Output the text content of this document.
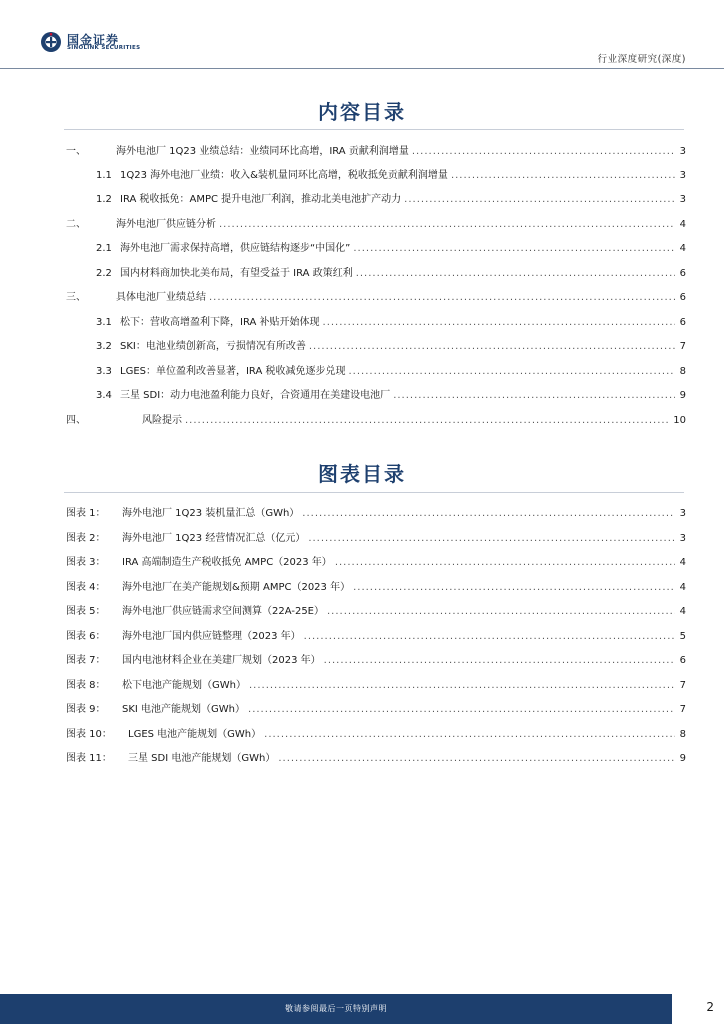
国金证券
SINOLINK SECURITIES
行业深度研究(深度)
内容目录
一、	海外电池厂 1Q23 业绩总结：业绩同环比高增，IRA 贡献利润增量 .....	3
1.1 1Q23 海外电池厂业绩：收入&装机量同环比高增，税收抵免贡献利润增量 .....	3
1.2 IRA 税收抵免：AMPC 提升电池厂利润，推动北美电池扩产动力 .....	3
二、	海外电池厂供应链分析 .....	4
2.1 海外电池厂需求保持高增，供应链结构逐步“中国化” .....	4
2.2 国内材料商加快北美布局，有望受益于 IRA 政策红利 .....	6
三、	具体电池厂业绩总结 .....	6
3.1 松下：营收高增盈利下降，IRA 补贴开始体现 .....	6
3.2 SKI：电池业绩创新高，亏损情况有所改善 .....	7
3.3 LGES：单位盈利改善显著，IRA 税收减免逐步兑现 .....	8
3.4 三星 SDI：动力电池盈利能力良好，合资通用在美建设电池厂 .....	9
四、	风险提示 .....	10
图表目录
图表 1： 海外电池厂 1Q23 装机量汇总（GWh） .....	3
图表 2： 海外电池厂 1Q23 经营情况汇总（亿元） .....	3
图表 3： IRA 高端制造生产税收抵免 AMPC（2023 年） .....	4
图表 4： 海外电池厂在美产能规划&预期 AMPC（2023 年） .....	4
图表 5： 海外电池厂供应链需求空间测算（22A-25E） .....	4
图表 6： 海外电池厂国内供应链整理（2023 年） .....	5
图表 7： 国内电池材料企业在美建厂规划（2023 年） .....	6
图表 8： 松下电池产能规划（GWh） .....	7
图表 9： SKI 电池产能规划（GWh） .....	7
图表 10： LGES 电池产能规划（GWh） .....	8
图表 11： 三星 SDI 电池产能规划（GWh） .....	9
敬请参阅最后一页特别声明	2
